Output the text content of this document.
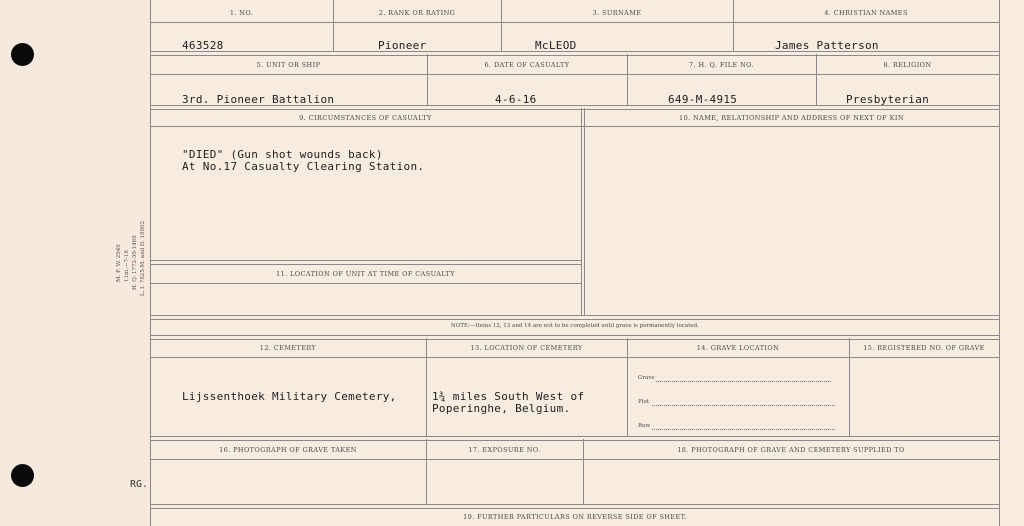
M. F. W. 2949 11m.—7-18 H. Q. 1772-39-1468 L. I. 7825-M. and D. 18902
RG.
1. NO.	2. RANK OR RATING	3. SURNAME	4. CHRISTIAN NAMES
463528	Pioneer	McLEOD	James Patterson
5. UNIT OR SHIP	6. DATE OF CASUALTY	7. H. Q. FILE NO.	8. RELIGION
3rd. Pioneer Battalion	4-6-16	649-M-4915	Presbyterian
9. CIRCUMSTANCES OF CASUALTY	10. NAME, RELATIONSHIP AND ADDRESS OF NEXT OF KIN
"DIED" (Gun shot wounds back)
At No.17 Casualty Clearing Station.
11. LOCATION OF UNIT AT TIME OF CASUALTY
NOTE:—Items 12, 13 and 14 are not to be completed until grave is permanently located.
12. CEMETERY	13. LOCATION OF CEMETERY	14. GRAVE LOCATION	15. REGISTERED NO. OF GRAVE
Lijssenthoek Military Cemetery,	1¾ miles South West of
Poperinghe, Belgium.
Grave
Plot
Row
16. PHOTOGRAPH OF GRAVE TAKEN	17. EXPOSURE NO.	18. PHOTOGRAPH OF GRAVE AND CEMETERY SUPPLIED TO
19. FURTHER PARTICULARS ON REVERSE SIDE OF SHEET.
